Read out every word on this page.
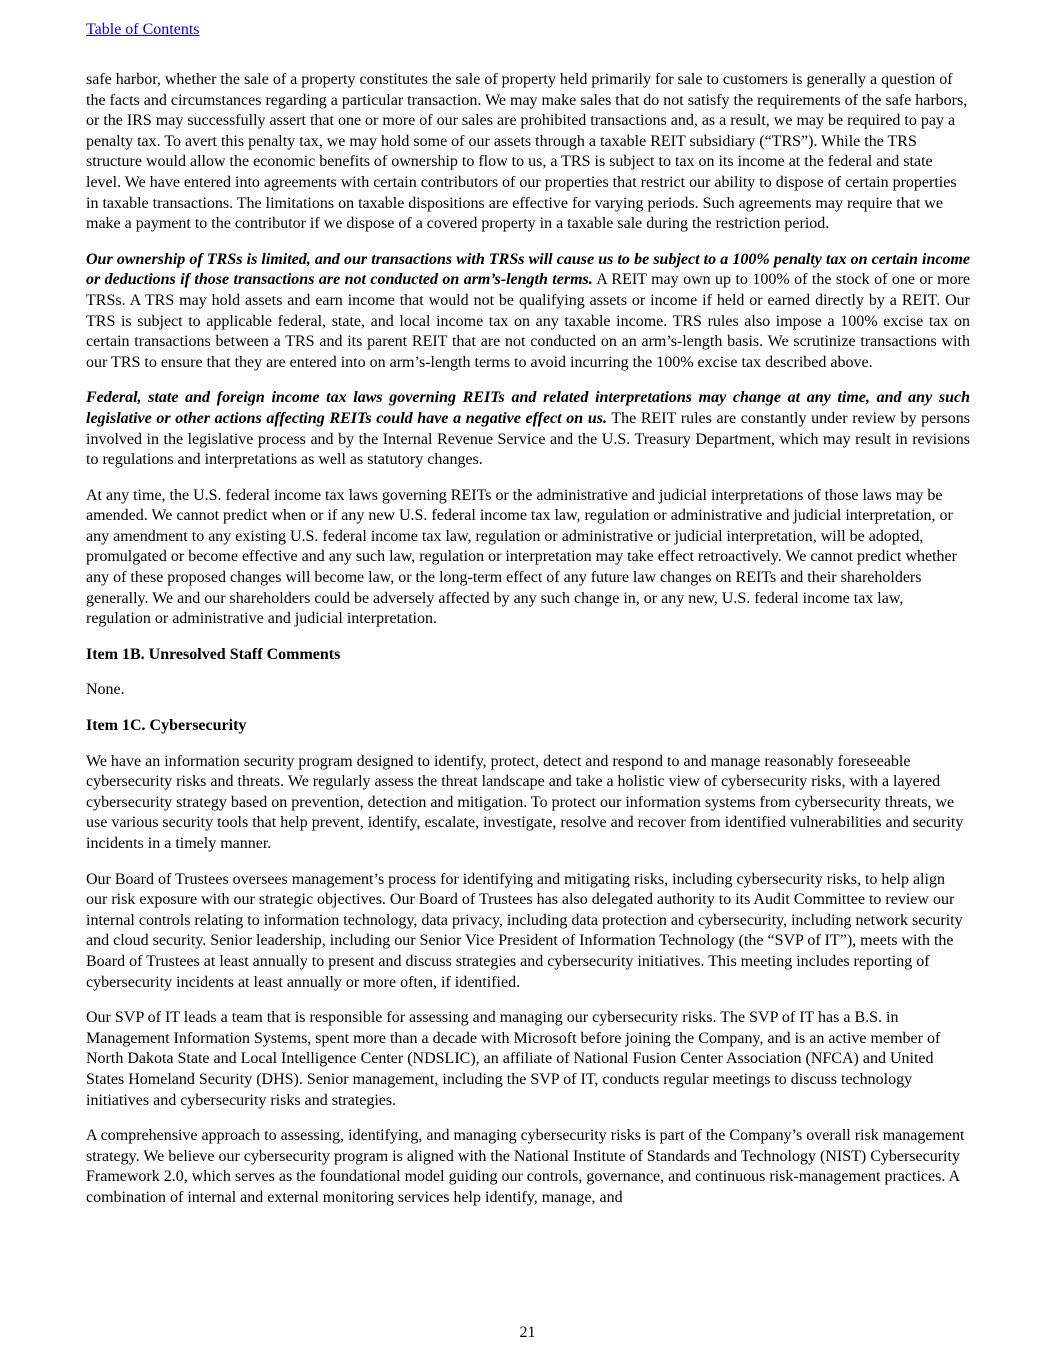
Table of Contents

safe harbor, whether the sale of a property constitutes the sale of property held primarily for sale to customers is generally a question of the facts and circumstances regarding a particular transaction. We may make sales that do not satisfy the requirements of the safe harbors, or the IRS may successfully assert that one or more of our sales are prohibited transactions and, as a result, we may be required to pay a penalty tax. To avert this penalty tax, we may hold some of our assets through a taxable REIT subsidiary (“TRS”). While the TRS structure would allow the economic benefits of ownership to flow to us, a TRS is subject to tax on its income at the federal and state level. We have entered into agreements with certain contributors of our properties that restrict our ability to dispose of certain properties in taxable transactions. The limitations on taxable dispositions are effective for varying periods. Such agreements may require that we make a payment to the contributor if we dispose of a covered property in a taxable sale during the restriction period.

Our ownership of TRSs is limited, and our transactions with TRSs will cause us to be subject to a 100% penalty tax on certain income or deductions if those transactions are not conducted on arm’s-length terms. A REIT may own up to 100% of the stock of one or more TRSs. A TRS may hold assets and earn income that would not be qualifying assets or income if held or earned directly by a REIT. Our TRS is subject to applicable federal, state, and local income tax on any taxable income. TRS rules also impose a 100% excise tax on certain transactions between a TRS and its parent REIT that are not conducted on an arm’s-length basis. We scrutinize transactions with our TRS to ensure that they are entered into on arm’s-length terms to avoid incurring the 100% excise tax described above.

Federal, state and foreign income tax laws governing REITs and related interpretations may change at any time, and any such legislative or other actions affecting REITs could have a negative effect on us. The REIT rules are constantly under review by persons involved in the legislative process and by the Internal Revenue Service and the U.S. Treasury Department, which may result in revisions to regulations and interpretations as well as statutory changes.

At any time, the U.S. federal income tax laws governing REITs or the administrative and judicial interpretations of those laws may be amended. We cannot predict when or if any new U.S. federal income tax law, regulation or administrative and judicial interpretation, or any amendment to any existing U.S. federal income tax law, regulation or administrative or judicial interpretation, will be adopted, promulgated or become effective and any such law, regulation or interpretation may take effect retroactively. We cannot predict whether any of these proposed changes will become law, or the long-term effect of any future law changes on REITs and their shareholders generally. We and our shareholders could be adversely affected by any such change in, or any new, U.S. federal income tax law, regulation or administrative and judicial interpretation.

Item 1B. Unresolved Staff Comments

None.

Item 1C. Cybersecurity

We have an information security program designed to identify, protect, detect and respond to and manage reasonably foreseeable cybersecurity risks and threats. We regularly assess the threat landscape and take a holistic view of cybersecurity risks, with a layered cybersecurity strategy based on prevention, detection and mitigation. To protect our information systems from cybersecurity threats, we use various security tools that help prevent, identify, escalate, investigate, resolve and recover from identified vulnerabilities and security incidents in a timely manner.

Our Board of Trustees oversees management’s process for identifying and mitigating risks, including cybersecurity risks, to help align our risk exposure with our strategic objectives. Our Board of Trustees has also delegated authority to its Audit Committee to review our internal controls relating to information technology, data privacy, including data protection and cybersecurity, including network security and cloud security. Senior leadership, including our Senior Vice President of Information Technology (the “SVP of IT”), meets with the Board of Trustees at least annually to present and discuss strategies and cybersecurity initiatives. This meeting includes reporting of cybersecurity incidents at least annually or more often, if identified.

Our SVP of IT leads a team that is responsible for assessing and managing our cybersecurity risks. The SVP of IT has a B.S. in Management Information Systems, spent more than a decade with Microsoft before joining the Company, and is an active member of North Dakota State and Local Intelligence Center (NDSLIC), an affiliate of National Fusion Center Association (NFCA) and United States Homeland Security (DHS). Senior management, including the SVP of IT, conducts regular meetings to discuss technology initiatives and cybersecurity risks and strategies.

A comprehensive approach to assessing, identifying, and managing cybersecurity risks is part of the Company’s overall risk management strategy. We believe our cybersecurity program is aligned with the National Institute of Standards and Technology (NIST) Cybersecurity Framework 2.0, which serves as the foundational model guiding our controls, governance, and continuous risk-management practices. A combination of internal and external monitoring services help identify, manage, and

21
